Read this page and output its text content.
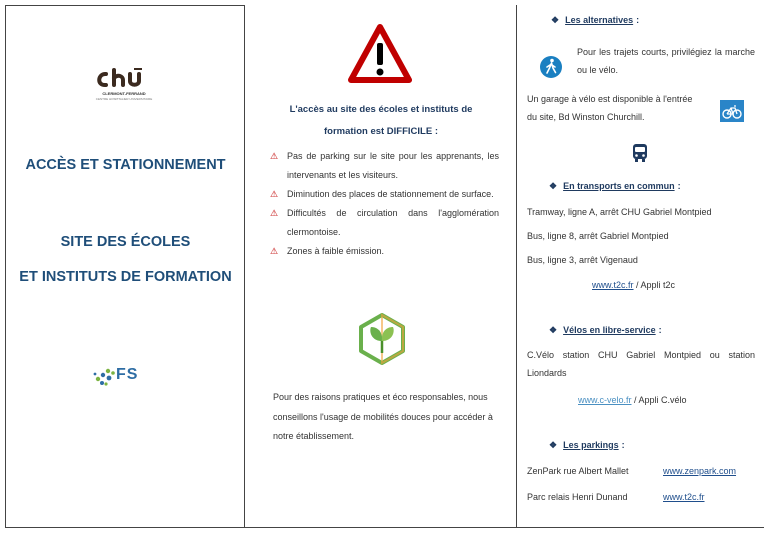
CLERMONT-FERRAND
CENTRE HOSPITALIER UNIVERSITAIRE
ACCÈS ET STATIONNEMENT
SITE DES ÉCOLES
ET INSTITUTS DE FORMATION
FS
L'accès au site des écoles et instituts de
formation est DIFFICILE :
⚠ Pas de parking sur le site pour les apprenants, les intervenants et les visiteurs.
⚠ Diminution des places de stationnement de surface.
⚠ Difficultés de circulation dans l'agglomération clermontoise.
⚠ Zones à faible émission.
Pour des raisons pratiques et éco responsables, nous conseillons l'usage de mobilités douces pour accéder à notre établissement.
❖ Les alternatives :
Pour les trajets courts, privilégiez la marche ou le vélo.
Un garage à vélo est disponible à l'entrée
du site, Bd Winston Churchill.
❖ En transports en commun :
Tramway, ligne A, arrêt CHU Gabriel Montpied
Bus, ligne 8, arrêt Gabriel Montpied
Bus, ligne 3, arrêt Vigenaud
www.t2c.fr / Appli t2c
❖ Vélos en libre-service :
C.Vélo station CHU Gabriel Montpied ou station Liondards
www.c-velo.fr / Appli C.vélo
❖ Les parkings :
ZenPark rue Albert Mallet	www.zenpark.com
Parc relais Henri Dunand	www.t2c.fr
